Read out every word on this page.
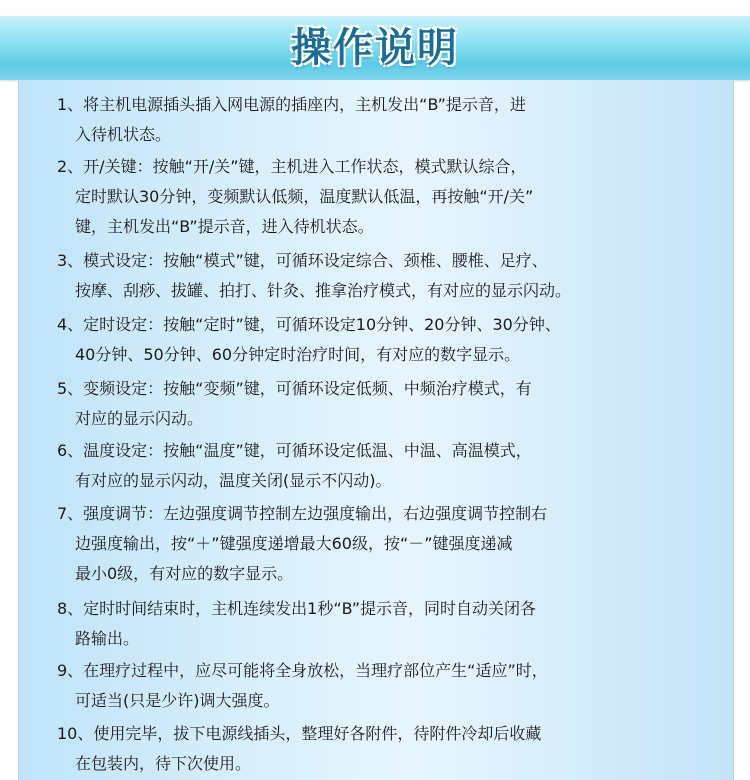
操作说明
1、将主机电源插头插入网电源的插座内，主机发出“B”提示音，进
入待机状态。
2、开/关键：按触“开/关”键，主机进入工作状态，模式默认综合，
定时默认30分钟，变频默认低频，温度默认低温，再按触“开/关”
键，主机发出“B”提示音，进入待机状态。
3、模式设定：按触“模式”键，可循环设定综合、颈椎、腰椎、足疗、
按摩、刮痧、拔罐、拍打、针灸、推拿治疗模式，有对应的显示闪动。
4、定时设定：按触“定时”键，可循环设定10分钟、20分钟、30分钟、
40分钟、50分钟、60分钟定时治疗时间，有对应的数字显示。
5、变频设定：按触“变频”键，可循环设定低频、中频治疗模式，有
对应的显示闪动。
6、温度设定：按触“温度”键，可循环设定低温、中温、高温模式，
有对应的显示闪动，温度关闭(显示不闪动)。
7、强度调节：左边强度调节控制左边强度输出，右边强度调节控制右
边强度输出，按“＋”键强度递增最大60级，按“－”键强度递减
最小0级，有对应的数字显示。
8、定时时间结束时，主机连续发出1秒“B”提示音，同时自动关闭各
路输出。
9、在理疗过程中，应尽可能将全身放松，当理疗部位产生“适应”时，
可适当(只是少许)调大强度。
10、使用完毕，拔下电源线插头，整理好各附件，待附件冷却后收藏
在包装内，待下次使用。
